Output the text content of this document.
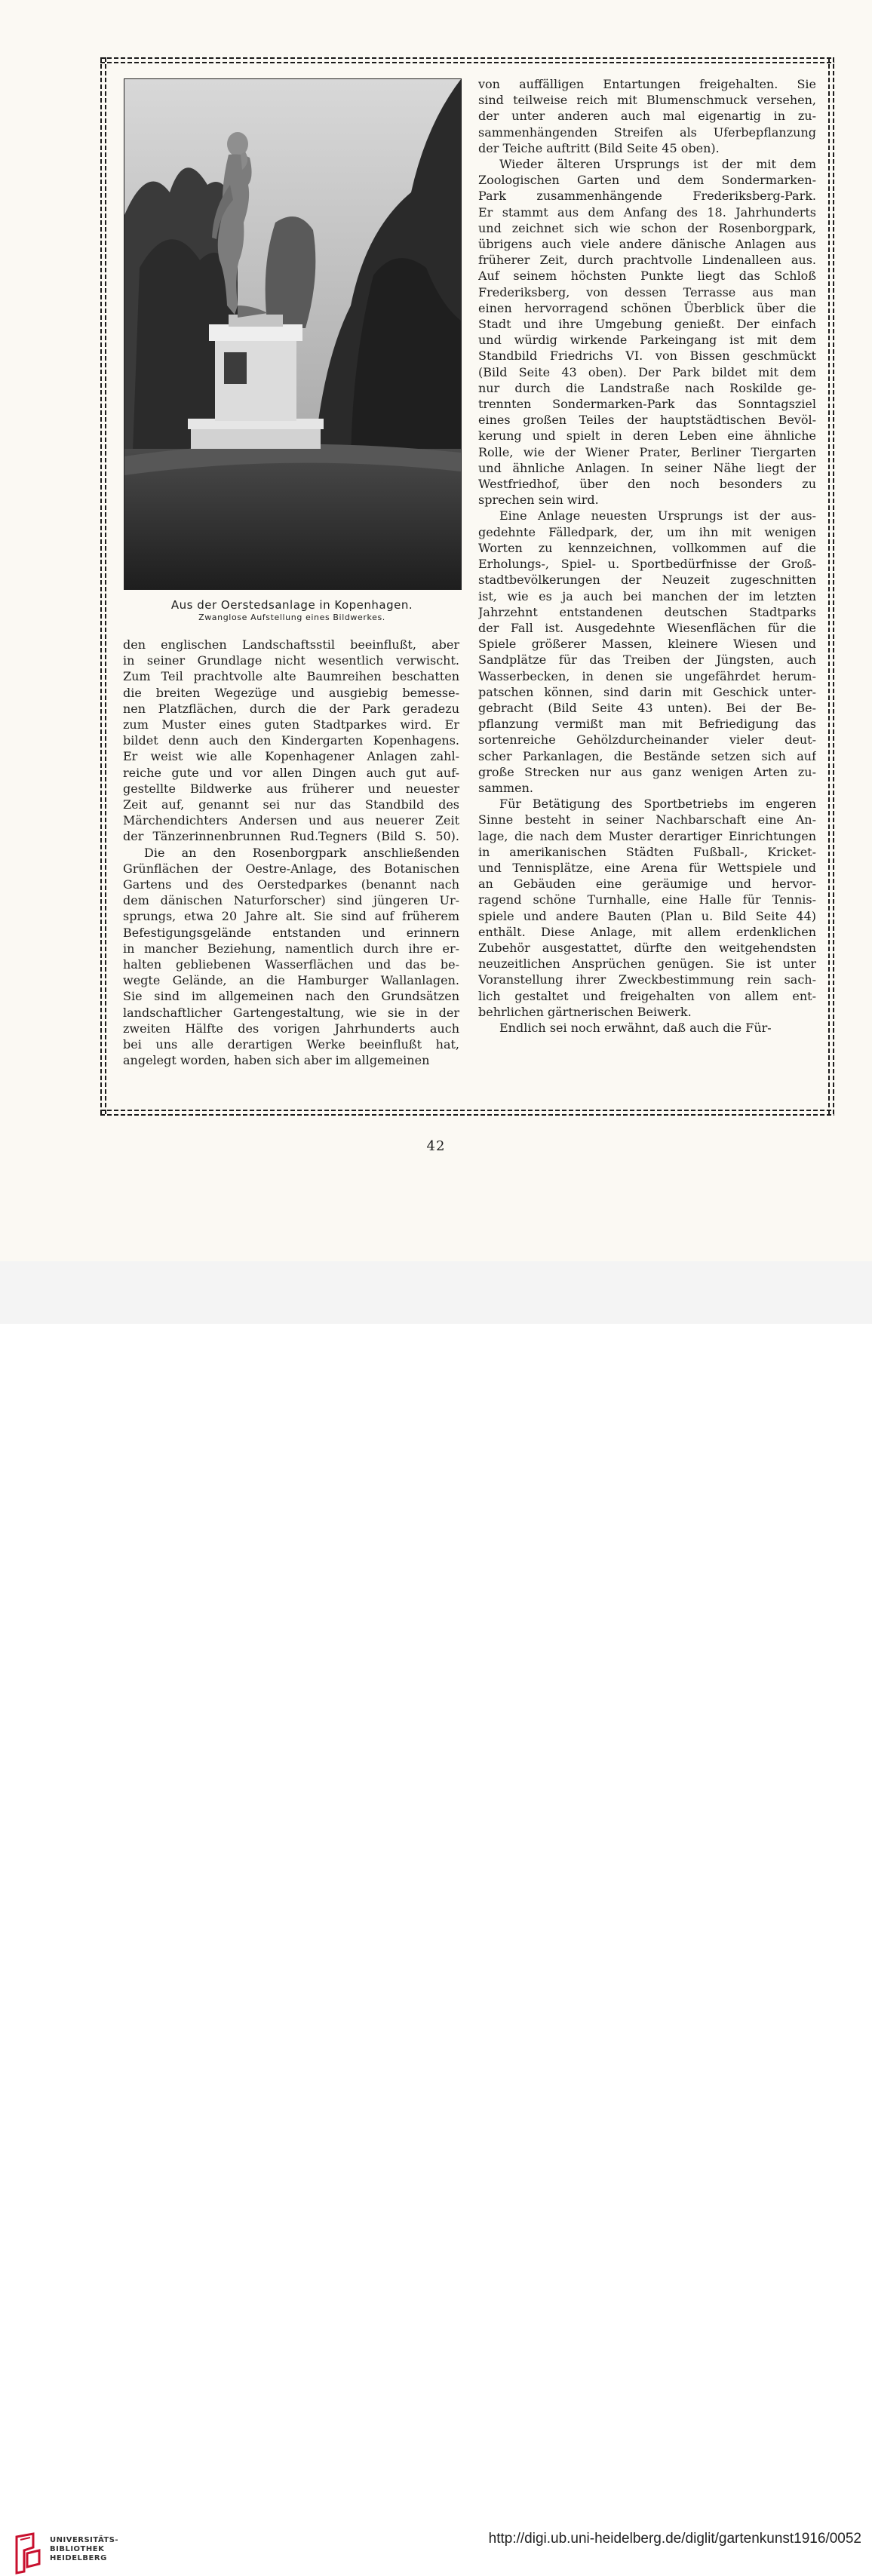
Aus der Oerstedsanlage in Kopenhagen.
Zwanglose Aufstellung eines Bildwerkes.
den englischen Landschaftsstil beeinflußt, aber
in seiner Grundlage nicht wesentlich verwischt.
Zum Teil prachtvolle alte Baumreihen beschatten
die breiten Wegezüge und ausgiebig bemesse-
nen Platzflächen, durch die der Park geradezu
zum Muster eines guten Stadtparkes wird. Er
bildet denn auch den Kindergarten Kopenhagens.
Er weist wie alle Kopenhagener Anlagen zahl-
reiche gute und vor allen Dingen auch gut auf-
gestellte Bildwerke aus früherer und neuester
Zeit auf, genannt sei nur das Standbild des
Märchendichters Andersen und aus neuerer Zeit
der Tänzerinnenbrunnen Rud.Tegners (Bild S. 50).
Die an den Rosenborgpark anschließenden
Grünflächen der Oestre-Anlage, des Botanischen
Gartens und des Oerstedparkes (benannt nach
dem dänischen Naturforscher) sind jüngeren Ur-
sprungs, etwa 20 Jahre alt. Sie sind auf früherem
Befestigungsgelände entstanden und erinnern
in mancher Beziehung, namentlich durch ihre er-
halten gebliebenen Wasserflächen und das be-
wegte Gelände, an die Hamburger Wallanlagen.
Sie sind im allgemeinen nach den Grundsätzen
landschaftlicher Gartengestaltung, wie sie in der
zweiten Hälfte des vorigen Jahrhunderts auch
bei uns alle derartigen Werke beeinflußt hat,
angelegt worden, haben sich aber im allgemeinen
von auffälligen Entartungen freigehalten. Sie
sind teilweise reich mit Blumenschmuck versehen,
der unter anderen auch mal eigenartig in zu-
sammenhängenden Streifen als Uferbepflanzung
der Teiche auftritt (Bild Seite 45 oben).
Wieder älteren Ursprungs ist der mit dem
Zoologischen Garten und dem Sondermarken-
Park zusammenhängende Frederiksberg-Park.
Er stammt aus dem Anfang des 18. Jahrhunderts
und zeichnet sich wie schon der Rosenborgpark,
übrigens auch viele andere dänische Anlagen aus
früherer Zeit, durch prachtvolle Lindenalleen aus.
Auf seinem höchsten Punkte liegt das Schloß
Frederiksberg, von dessen Terrasse aus man
einen hervorragend schönen Überblick über die
Stadt und ihre Umgebung genießt. Der einfach
und würdig wirkende Parkeingang ist mit dem
Standbild Friedrichs VI. von Bissen geschmückt
(Bild Seite 43 oben). Der Park bildet mit dem
nur durch die Landstraße nach Roskilde ge-
trennten Sondermarken-Park das Sonntagsziel
eines großen Teiles der hauptstädtischen Bevöl-
kerung und spielt in deren Leben eine ähnliche
Rolle, wie der Wiener Prater, Berliner Tiergarten
und ähnliche Anlagen. In seiner Nähe liegt der
Westfriedhof, über den noch besonders zu
sprechen sein wird.
Eine Anlage neuesten Ursprungs ist der aus-
gedehnte Fälledpark, der, um ihn mit wenigen
Worten zu kennzeichnen, vollkommen auf die
Erholungs-, Spiel- u. Sportbedürfnisse der Groß-
stadtbevölkerungen der Neuzeit zugeschnitten
ist, wie es ja auch bei manchen der im letzten
Jahrzehnt entstandenen deutschen Stadtparks
der Fall ist. Ausgedehnte Wiesenflächen für die
Spiele größerer Massen, kleinere Wiesen und
Sandplätze für das Treiben der Jüngsten, auch
Wasserbecken, in denen sie ungefährdet herum-
patschen können, sind darin mit Geschick unter-
gebracht (Bild Seite 43 unten). Bei der Be-
pflanzung vermißt man mit Befriedigung das
sortenreiche Gehölzdurcheinander vieler deut-
scher Parkanlagen, die Bestände setzen sich auf
große Strecken nur aus ganz wenigen Arten zu-
sammen.
Für Betätigung des Sportbetriebs im engeren
Sinne besteht in seiner Nachbarschaft eine An-
lage, die nach dem Muster derartiger Einrichtungen
in amerikanischen Städten Fußball-, Kricket-
und Tennisplätze, eine Arena für Wettspiele und
an Gebäuden eine geräumige und hervor-
ragend schöne Turnhalle, eine Halle für Tennis-
spiele und andere Bauten (Plan u. Bild Seite 44)
enthält. Diese Anlage, mit allem erdenklichen
Zubehör ausgestattet, dürfte den weitgehendsten
neuzeitlichen Ansprüchen genügen. Sie ist unter
Voranstellung ihrer Zweckbestimmung rein sach-
lich gestaltet und freigehalten von allem ent-
behrlichen gärtnerischen Beiwerk.
Endlich sei noch erwähnt, daß auch die Für-
42
UNIVERSITÄTS-
BIBLIOTHEK
HEIDELBERG
http://digi.ub.uni-heidelberg.de/diglit/gartenkunst1916/0052
